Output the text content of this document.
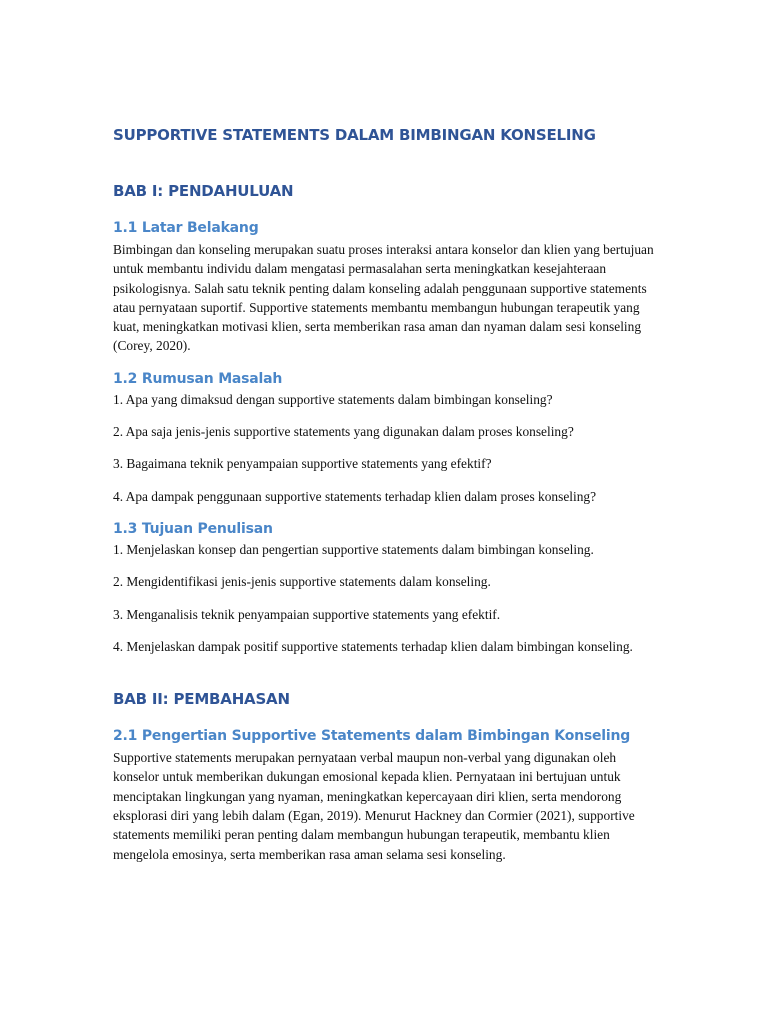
SUPPORTIVE STATEMENTS DALAM BIMBINGAN KONSELING
BAB I: PENDAHULUAN
1.1 Latar Belakang

Bimbingan dan konseling merupakan suatu proses interaksi antara konselor dan klien yang bertujuan untuk membantu individu dalam mengatasi permasalahan serta meningkatkan kesejahteraan psikologisnya. Salah satu teknik penting dalam konseling adalah penggunaan supportive statements atau pernyataan suportif. Supportive statements membantu membangun hubungan terapeutik yang kuat, meningkatkan motivasi klien, serta memberikan rasa aman dan nyaman dalam sesi konseling (Corey, 2020).

1.2 Rumusan Masalah

1. Apa yang dimaksud dengan supportive statements dalam bimbingan konseling?

2. Apa saja jenis-jenis supportive statements yang digunakan dalam proses konseling?

3. Bagaimana teknik penyampaian supportive statements yang efektif?

4. Apa dampak penggunaan supportive statements terhadap klien dalam proses konseling?

1.3 Tujuan Penulisan

1. Menjelaskan konsep dan pengertian supportive statements dalam bimbingan konseling.

2. Mengidentifikasi jenis-jenis supportive statements dalam konseling.

3. Menganalisis teknik penyampaian supportive statements yang efektif.

4. Menjelaskan dampak positif supportive statements terhadap klien dalam bimbingan konseling.

BAB II: PEMBAHASAN
2.1 Pengertian Supportive Statements dalam Bimbingan Konseling

Supportive statements merupakan pernyataan verbal maupun non-verbal yang digunakan oleh konselor untuk memberikan dukungan emosional kepada klien. Pernyataan ini bertujuan untuk menciptakan lingkungan yang nyaman, meningkatkan kepercayaan diri klien, serta mendorong eksplorasi diri yang lebih dalam (Egan, 2019). Menurut Hackney dan Cormier (2021), supportive statements memiliki peran penting dalam membangun hubungan terapeutik, membantu klien mengelola emosinya, serta memberikan rasa aman selama sesi konseling.
